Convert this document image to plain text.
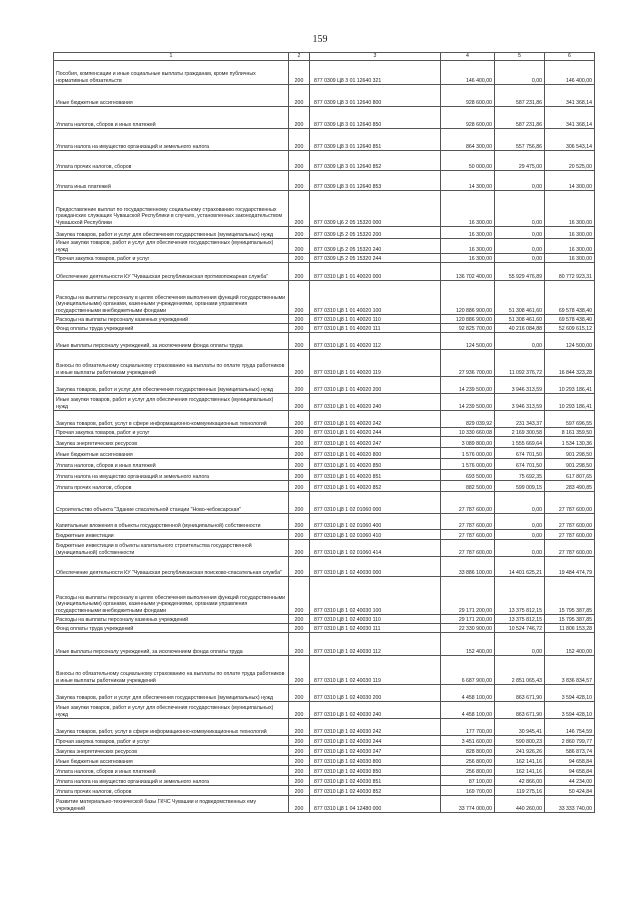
159
1	2	3	4	5	6
Пособия, компенсации и иные социальные выплаты гражданам, кроме публичных нормативных обязательств	200	877 0309 Ц8 3 01 12640 321	146 400,00	0,00	146 400,00
Иные бюджетные ассигнования	200	877 0309 Ц8 3 01 12640 800	928 600,00	587 231,86	341 368,14
Уплата налогов, сборов и иных платежей	200	877 0309 Ц8 3 01 12640 850	928 600,00	587 231,86	341 368,14
Уплата налога на имущество организаций и земельного налога	200	877 0309 Ц8 3 01 12640 851	864 300,00	557 756,86	306 543,14
Уплата прочих налогов, сборов	200	877 0309 Ц8 3 01 12640 852	50 000,00	29 475,00	20 525,00
Уплата иных платежей	200	877 0309 Ц8 3 01 12640 853	14 300,00	0,00	14 300,00
Предоставление выплат по государственному социальному страхованию государственных гражданских служащих Чувашской Республики в случаях, установленных законодательством Чувашской Республики	200	877 0309 Ц6 2 05 15320 000	16 300,00	0,00	16 300,00
Закупка товаров, работ и услуг для обеспечения государственных (муниципальных) нужд	200	877 0309 Ц5 2 05 15320 200	16 300,00	0,00	16 300,00
Иные закупки товаров, работ и услуг для обеспечения государственных (муниципальных) нужд	200	877 0309 Ц5 2 05 15320 240	16 300,00	0,00	16 300,00
Прочая закупка товаров, работ и услуг	200	877 0309 Ц5 2 05 15320 244	16 300,00	0,00	16 300,00
Обеспечение деятельности КУ "Чувашская республиканская противопожарная служба"	200	877 0310 Ц8 1 01 40020 000	136 702 400,00	55 929 476,89	80 772 923,31
Расходы на выплаты персоналу в целях обеспечения выполнения функций государственными (муниципальными) органами, казенными учреждениями, органами управления государственными внебюджетными фондами	200	877 0310 Ц8 1 01 40020 100	120 886 900,00	51 308 461,60	69 578 438,40
Расходы на выплаты персоналу казенных учреждений	200	877 0310 Ц8 1 01 40020 110	120 886 900,00	51 308 461,60	69 578 438,40
Фонд оплаты труда учреждений	200	877 0310 Ц8 1 01 40020 111	92 825 700,00	40 216 084,88	52 609 615,12
Иные выплаты персоналу учреждений, за исключением фонда оплаты труда	200	877 0310 Ц8 1 01 40020 112	124 500,00	0,00	124 500,00
Взносы по обязательному социальному страхованию на выплаты по оплате труда работников и иные выплаты работникам учреждений	200	877 0310 Ц8 1 01 40020 119	27 936 700,00	11 092 376,72	16 844 323,28
Закупка товаров, работ и услуг для обеспечения государственных (муниципальных) нужд	200	877 0310 Ц8 1 01 40020 200	14 239 500,00	3 946 313,59	10 293 186,41
Иные закупки товаров, работ и услуг для обеспечения государственных (муниципальных) нужд	200	877 0310 Ц8 1 01 40020 240	14 239 500,00	3 946 313,59	10 293 186,41
Закупка товаров, работ, услуг в сфере информационно-коммуникационных технологий	200	877 0310 Ц8 1 01 40020 242	829 039,92	231 343,37	597 696,55
Прочая закупка товаров, работ и услуг	200	877 0310 Ц8 1 01 40020 244	10 330 660,08	2 169 300,58	8 161 359,50
Закупка энергетических ресурсов	200	877 0310 Ц8 1 01 40020 247	3 089 800,00	1 555 669,64	1 534 130,36
Иные бюджетные ассигнования	200	877 0310 Ц8 1 01 40020 800	1 576 000,00	674 701,50	901 298,50
Уплата налогов, сборов и иных платежей	200	877 0310 Ц8 1 01 40020 850	1 576 000,00	674 701,50	901 298,50
Уплата налога на имущество организаций и земельного налога	200	877 0310 Ц8 1 01 40020 851	693 500,00	75 692,35	617 807,65
Уплата прочих налогов, сборов	200	877 0310 Ц8 1 01 40020 852	882 500,00	599 009,15	283 490,85
Строительство объекта "Здание спасательной станции "Ново-чебоксарская"	200	877 0310 Ц8 1 02 01060 000	27 787 600,00	0,00	27 787 600,00
Капитальные вложения в объекты государственной (муниципальной) собственности	200	877 0310 Ц8 1 02 01060 400	27 787 600,00	0,00	27 787 600,00
Бюджетные инвестиции	200	877 0310 Ц8 1 02 01060 410	27 787 600,00	0,00	27 787 600,00
Бюджетные инвестиции в объекты капитального строительства государственной (муниципальной) собственности	200	877 0310 Ц8 1 02 01060 414	27 787 600,00	0,00	27 787 600,00
Обеспечение деятельности КУ "Чувашская республиканская поисково-спасательная служба"	200	877 0310 Ц8 1 02 40030 000	33 886 100,00	14 401 625,21	19 484 474,79
Расходы на выплаты персоналу в целях обеспечения выполнения функций государственными (муниципальными) органами, казенными учреждениями, органами управления государственными внебюджетными фондами	200	877 0310 Ц8 1 02 40030 100	29 171 200,00	13 375 812,15	15 795 387,85
Расходы на выплаты персоналу казенных учреждений	200	877 0310 Ц8 1 02 40030 110	29 171 200,00	13 375 812,15	15 795 387,85
Фонд оплаты труда учреждений	200	877 0310 Ц8 1 02 40030 111	22 330 900,00	10 524 746,72	11 806 153,28
Иные выплаты персоналу учреждений, за исключением фонда оплаты труда	200	877 0310 Ц8 1 02 40030 112	152 400,00	0,00	152 400,00
Взносы по обязательному социальному страхованию на выплаты по оплате труда работников и иные выплаты работникам учреждений	200	877 0310 Ц8 1 02 40030 119	6 687 900,00	2 851 065,43	3 836 834,57
Закупка товаров, работ и услуг для обеспечения государственных (муниципальных) нужд	200	877 0310 Ц8 1 02 40030 200	4 458 100,00	863 671,90	3 594 428,10
Иные закупки товаров, работ и услуг для обеспечения государственных (муниципальных) нужд	200	877 0310 Ц8 1 02 40030 240	4 458 100,00	863 671,90	3 594 428,10
Закупка товаров, работ, услуг в сфере информационно-коммуникационных технологий	200	877 0310 Ц8 1 02 40030 242	177 700,00	30 945,41	146 754,59
Прочая закупка товаров, работ и услуг	200	877 0310 Ц8 1 02 40030 244	3 451 600,00	590 800,23	2 860 799,77
Закупка энергетических ресурсов	200	877 0310 Ц8 1 02 40030 247	828 800,00	241 926,26	586 873,74
Иные бюджетные ассигнования	200	877 0310 Ц8 1 02 40030 800	256 800,00	162 141,16	94 658,84
Уплата налогов, сборов и иных платежей	200	877 0310 Ц8 1 02 40030 850	256 800,00	162 141,16	94 658,84
Уплата налога на имущество организаций и земельного налога	200	877 0310 Ц8 1 02 40030 851	87 100,00	42 866,00	44 234,00
Уплата прочих налогов, сборов	200	877 0310 Ц8 1 02 40030 852	169 700,00	119 275,16	50 424,84
Развитие материально-технической базы ГКЧС Чувашии и подведомственных ему учреждений	200	877 0310 Ц8 1 04 12480 000	33 774 000,00	440 260,00	33 333 740,00
